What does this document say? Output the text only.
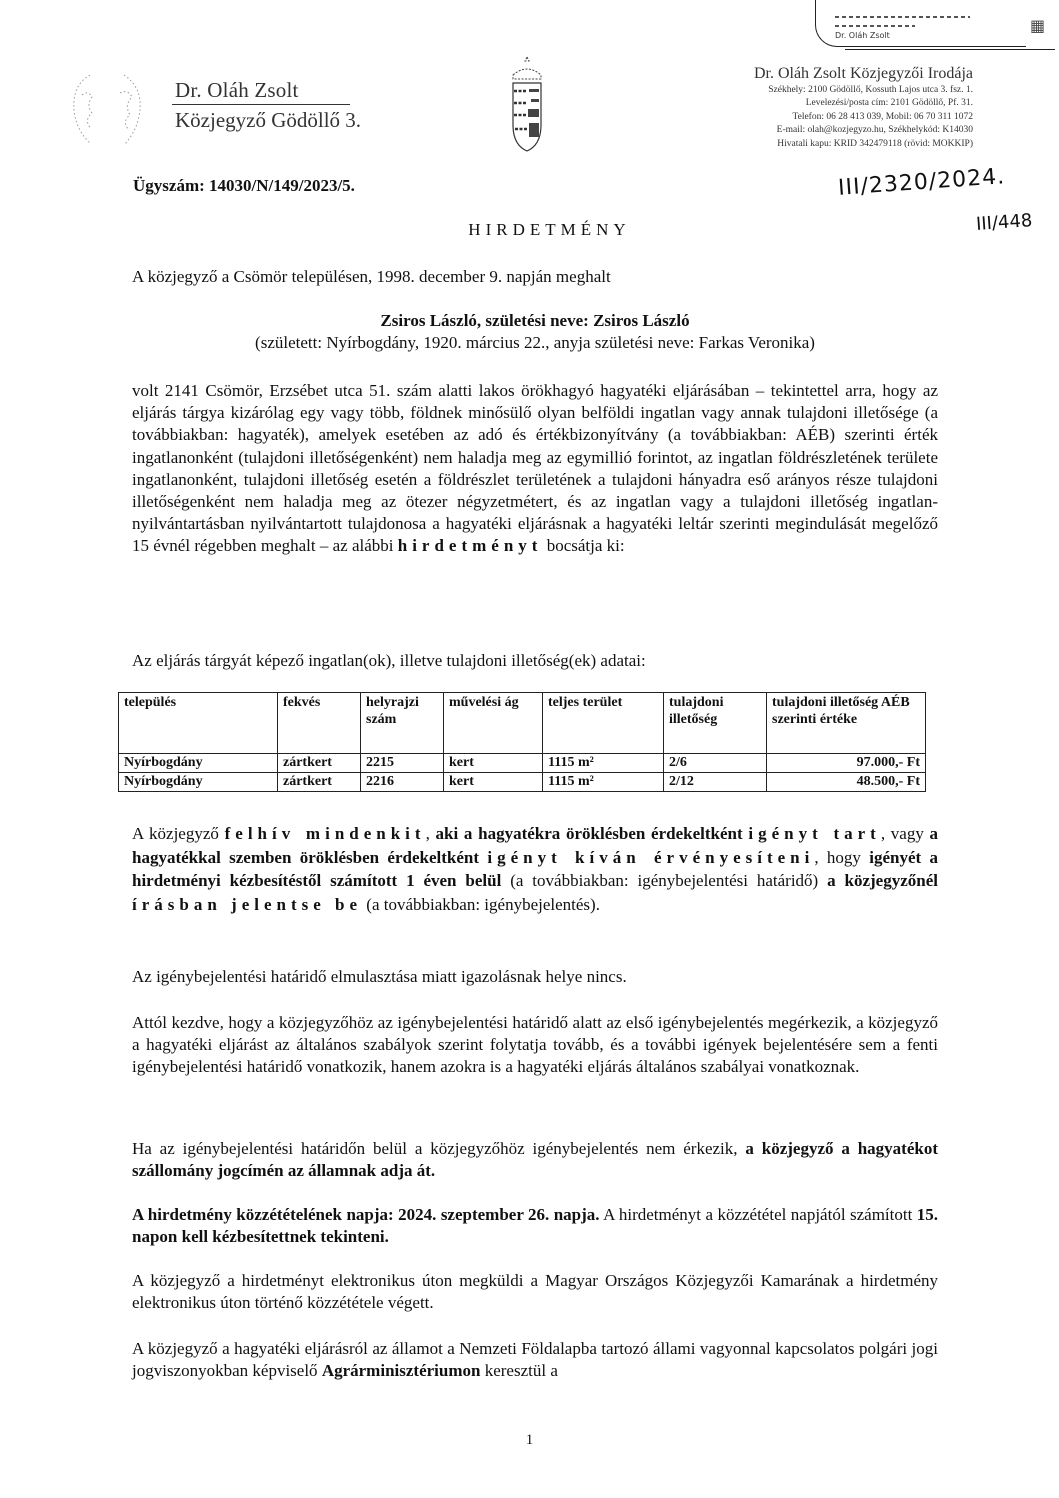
Dr. Oláh Zsolt
▦
Dr. Oláh Zsolt
Közjegyző Gödöllő 3.
Dr. Oláh Zsolt Közjegyzői Irodája
Székhely: 2100 Gödöllő, Kossuth Lajos utca 3. fsz. 1.
Levelezési/posta cím: 2101 Gödöllő, Pf. 31.
Telefon: 06 28 413 039, Mobil: 06 70 311 1072
E-mail: olah@kozjegyzo.hu, Székhelykód: K14030
Hivatali kapu: KRID 342479118 (rövid: MOKKIP)
III/2320/2024.
III/448
Ügyszám: 14030/N/149/2023/5.
HIRDETMÉNY
A közjegyző a Csömör településen, 1998. december 9. napján meghalt
Zsiros László, születési neve: Zsiros László
(született: Nyírbogdány, 1920. március 22., anyja születési neve: Farkas Veronika)
volt 2141 Csömör, Erzsébet utca 51. szám alatti lakos örökhagyó hagyatéki eljárásában – tekintettel arra, hogy az eljárás tárgya kizárólag egy vagy több, földnek minősülő olyan belföldi ingatlan vagy annak tulajdoni illetősége (a továbbiakban: hagyaték), amelyek esetében az adó és értékbizonyítvány (a továbbiakban: AÉB) szerinti érték ingatlanonként (tulajdoni illetőségenként) nem haladja meg az egymillió forintot, az ingatlan földrészletének területe ingatlanonként, tulajdoni illetőség esetén a földrészlet területének a tulajdoni hányadra eső arányos része tulajdoni illetőségenként nem haladja meg az ötezer négyzetmétert, és az ingatlan vagy a tulajdoni illetőség ingatlan-nyilvántartásban nyilvántartott tulajdonosa a hagyatéki eljárásnak a hagyatéki leltár szerinti megindulását megelőző 15 évnél régebben meghalt – az alábbi hirdetményt bocsátja ki:
Az eljárás tárgyát képező ingatlan(ok), illetve tulajdoni illetőség(ek) adatai:
település	fekvés	helyrajzi szám	művelési ág	teljes terület	tulajdoni illetőség	tulajdoni illetőség AÉB szerinti értéke
Nyírbogdány	zártkert	2215	kert	1115 m²	2/6	97.000,- Ft
Nyírbogdány	zártkert	2216	kert	1115 m²	2/12	48.500,- Ft
A közjegyző felhív mindenkit, aki a hagyatékra öröklésben érdekeltként igényt tart, vagy a hagyatékkal szemben öröklésben érdekeltként igényt kíván érvényesíteni, hogy igényét a hirdetményi kézbesítéstől számított 1 éven belül (a továbbiakban: igénybejelentési határidő) a közjegyzőnél írásban jelentse be (a továbbiakban: igénybejelentés).
Az igénybejelentési határidő elmulasztása miatt igazolásnak helye nincs.
Attól kezdve, hogy a közjegyzőhöz az igénybejelentési határidő alatt az első igénybejelentés megérkezik, a közjegyző a hagyatéki eljárást az általános szabályok szerint folytatja tovább, és a további igények bejelentésére sem a fenti igénybejelentési határidő vonatkozik, hanem azokra is a hagyatéki eljárás általános szabályai vonatkoznak.
Ha az igénybejelentési határidőn belül a közjegyzőhöz igénybejelentés nem érkezik, a közjegyző a hagyatékot szállomány jogcímén az államnak adja át.
A hirdetmény közzétételének napja: 2024. szeptember 26. napja. A hirdetményt a közzététel napjától számított 15. napon kell kézbesítettnek tekinteni.
A közjegyző a hirdetményt elektronikus úton megküldi a Magyar Országos Közjegyzői Kamarának a hirdetmény elektronikus úton történő közzététele végett.
A közjegyző a hagyatéki eljárásról az államot a Nemzeti Földalapba tartozó állami vagyonnal kapcsolatos polgári jogi jogviszonyokban képviselő Agrárminisztériumon keresztül a
1
